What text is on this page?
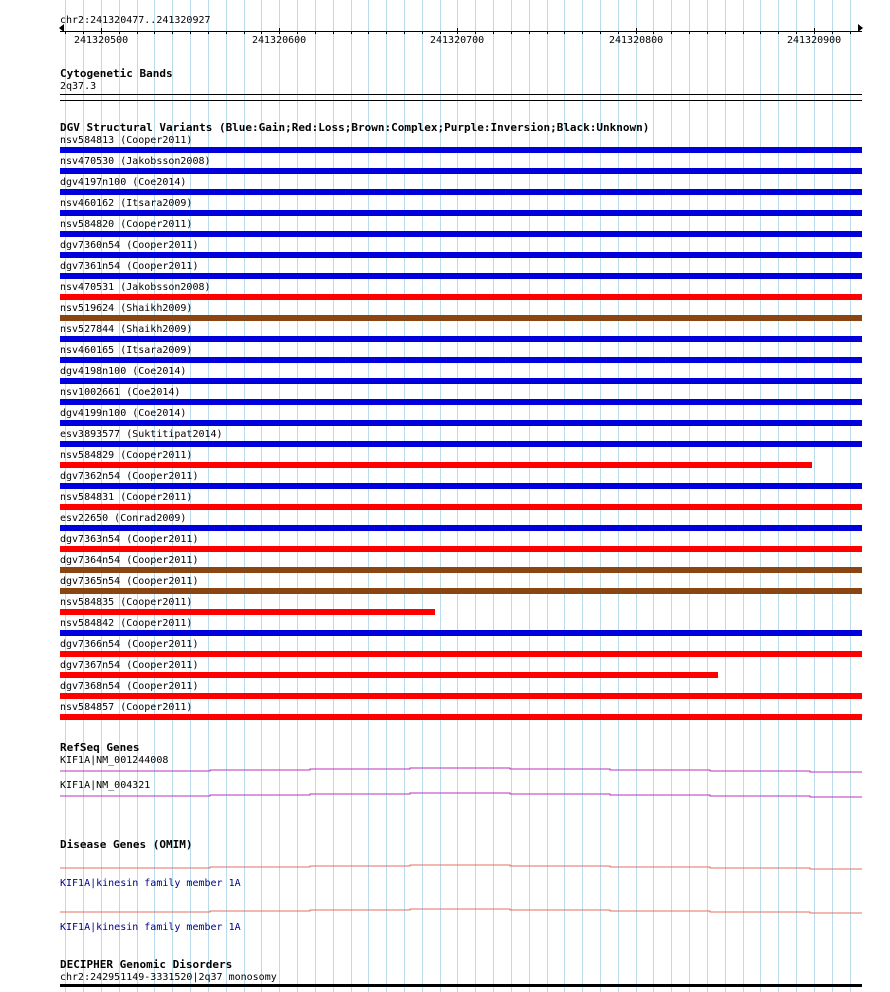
chr2:241320477..241320927
241320500	241320600	241320700	241320800	241320900
Cytogenetic Bands
2q37.3
DGV Structural Variants (Blue:Gain;Red:Loss;Brown:Complex;Purple:Inversion;Black:Unknown)
nsv584813 (Cooper2011)
nsv470530 (Jakobsson2008)
dgv4197n100 (Coe2014)
nsv460162 (Itsara2009)
nsv584820 (Cooper2011)
dgv7360n54 (Cooper2011)
dgv7361n54 (Cooper2011)
nsv470531 (Jakobsson2008)
nsv519624 (Shaikh2009)
nsv527844 (Shaikh2009)
nsv460165 (Itsara2009)
dgv4198n100 (Coe2014)
nsv1002661 (Coe2014)
dgv4199n100 (Coe2014)
esv3893577 (Suktitipat2014)
nsv584829 (Cooper2011)
dgv7362n54 (Cooper2011)
nsv584831 (Cooper2011)
esv22650 (Conrad2009)
dgv7363n54 (Cooper2011)
dgv7364n54 (Cooper2011)
dgv7365n54 (Cooper2011)
nsv584835 (Cooper2011)
nsv584842 (Cooper2011)
dgv7366n54 (Cooper2011)
dgv7367n54 (Cooper2011)
dgv7368n54 (Cooper2011)
nsv584857 (Cooper2011)
RefSeq Genes
KIF1A|NM_001244008
KIF1A|NM_004321
Disease Genes (OMIM)
KIF1A|kinesin family member 1A
KIF1A|kinesin family member 1A
DECIPHER Genomic Disorders
chr2:242951149-3331520|2q37 monosomy
